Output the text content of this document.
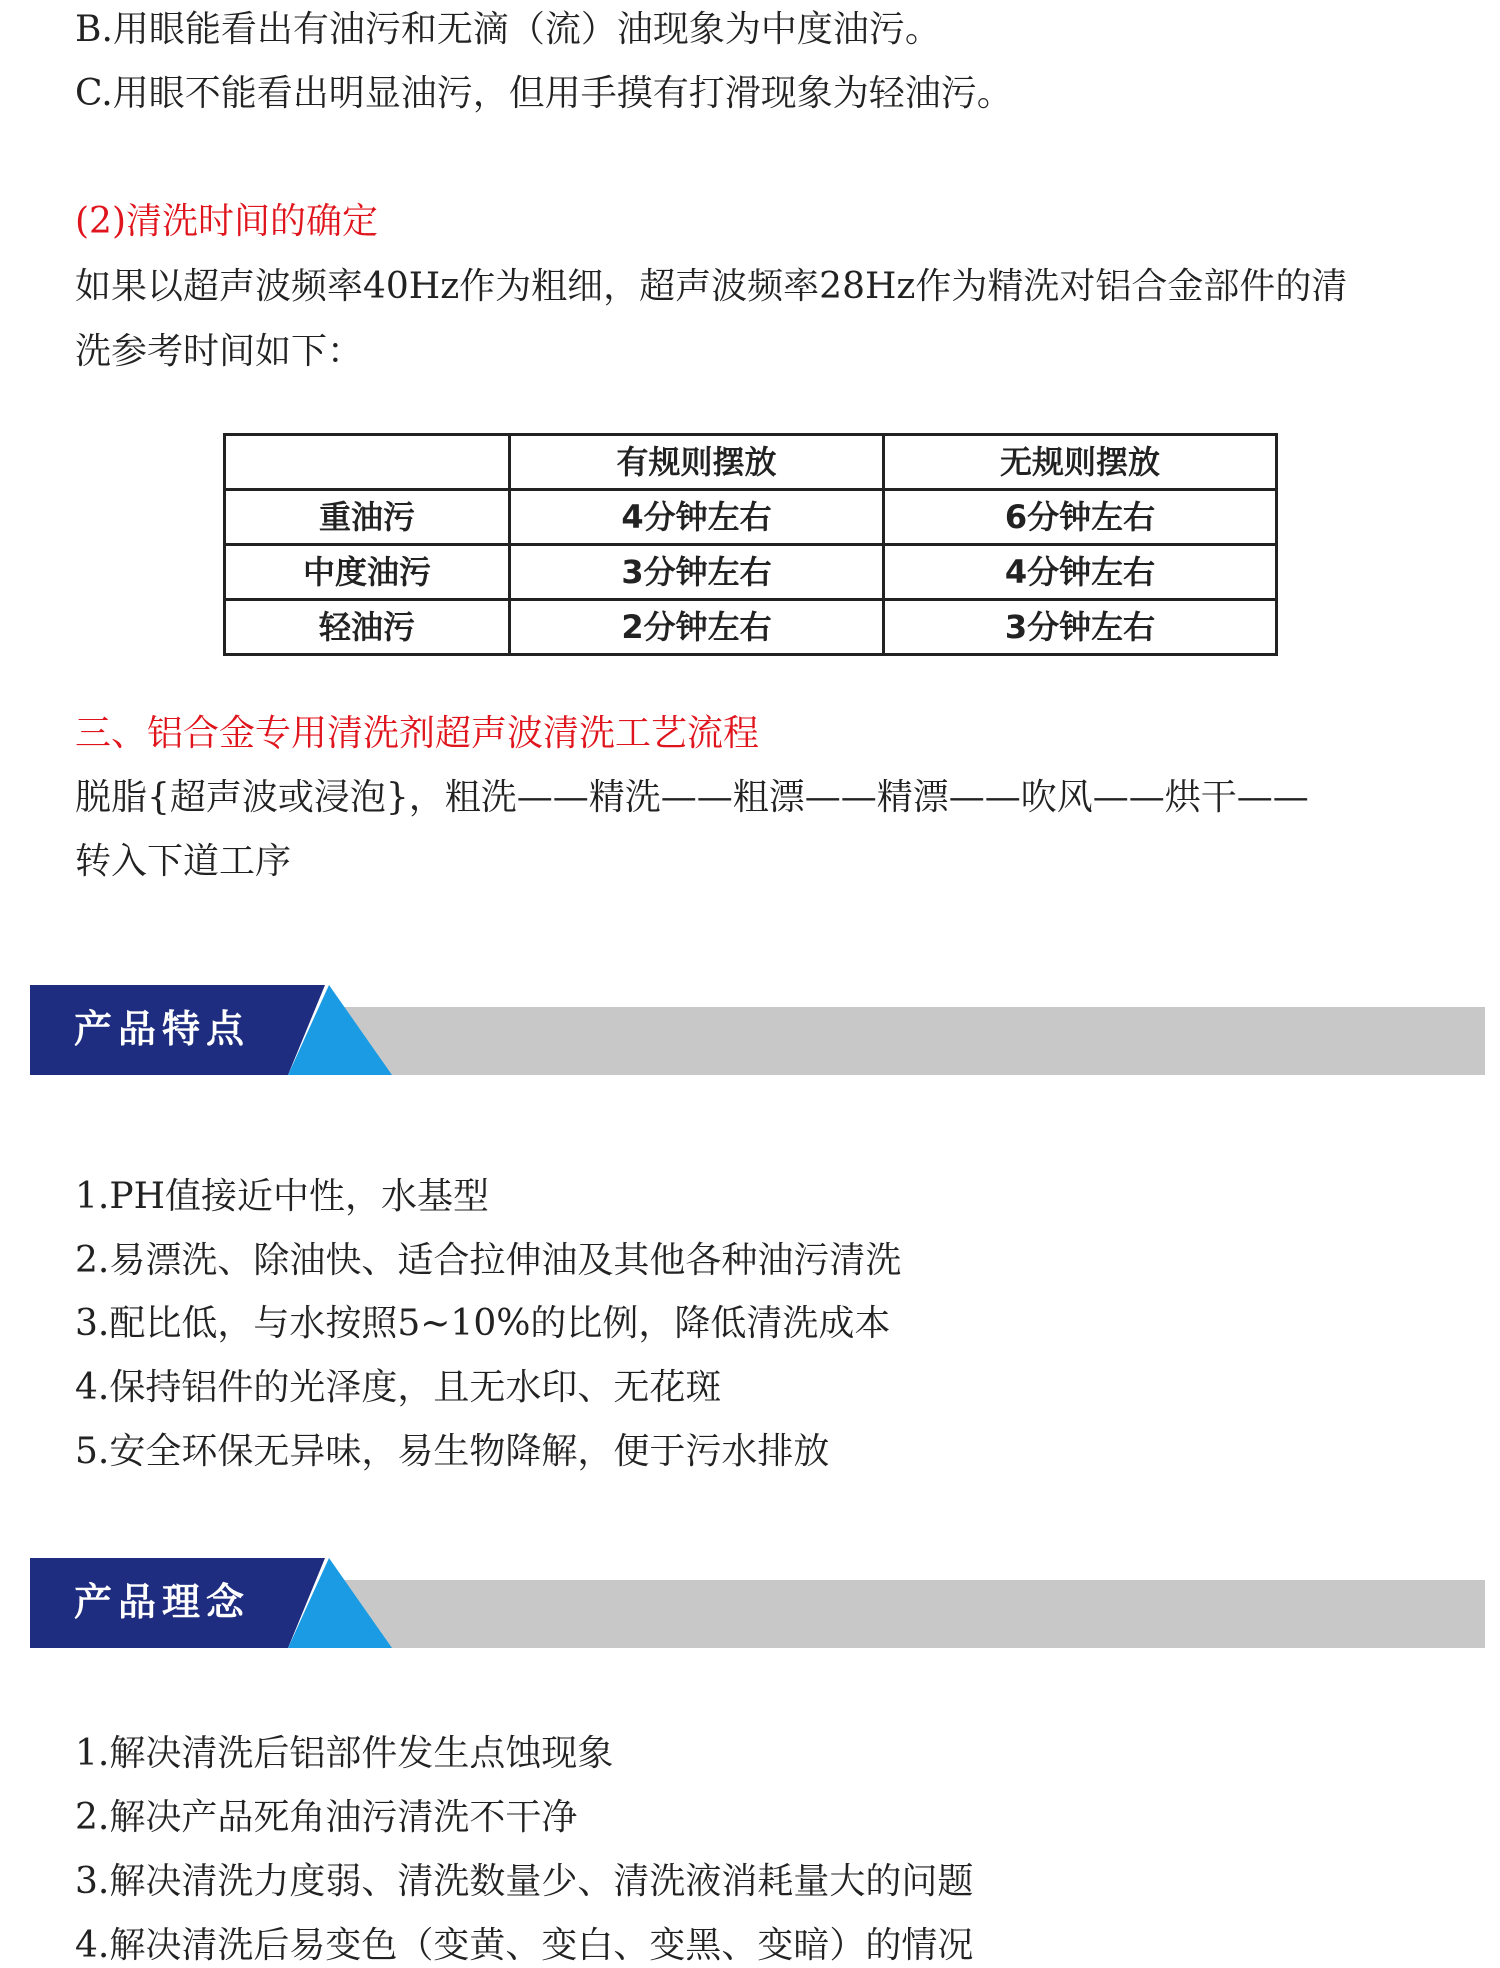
B.用眼能看出有油污和无滴（流）油现象为中度油污。

C.用眼不能看出明显油污，但用手摸有打滑现象为轻油污。

(2)清洗时间的确定

如果以超声波频率40Hz作为粗细，超声波频率28Hz作为精洗对铝合金部件的清

洗参考时间如下：

	有规则摆放	无规则摆放
重油污	4分钟左右	6分钟左右
中度油污	3分钟左右	4分钟左右
轻油污	2分钟左右	3分钟左右

三、铝合金专用清洗剂超声波清洗工艺流程

脱脂{超声波或浸泡}，粗洗——精洗——粗漂——精漂——吹风——烘干——

转入下道工序

产品特点

1.PH值接近中性，水基型

2.易漂洗、除油快、适合拉伸油及其他各种油污清洗

3.配比低，与水按照5~10%的比例，降低清洗成本

4.保持铝件的光泽度，且无水印、无花斑

5.安全环保无异味，易生物降解，便于污水排放

产品理念

1.解决清洗后铝部件发生点蚀现象

2.解决产品死角油污清洗不干净

3.解决清洗力度弱、清洗数量少、清洗液消耗量大的问题

4.解决清洗后易变色（变黄、变白、变黑、变暗）的情况
